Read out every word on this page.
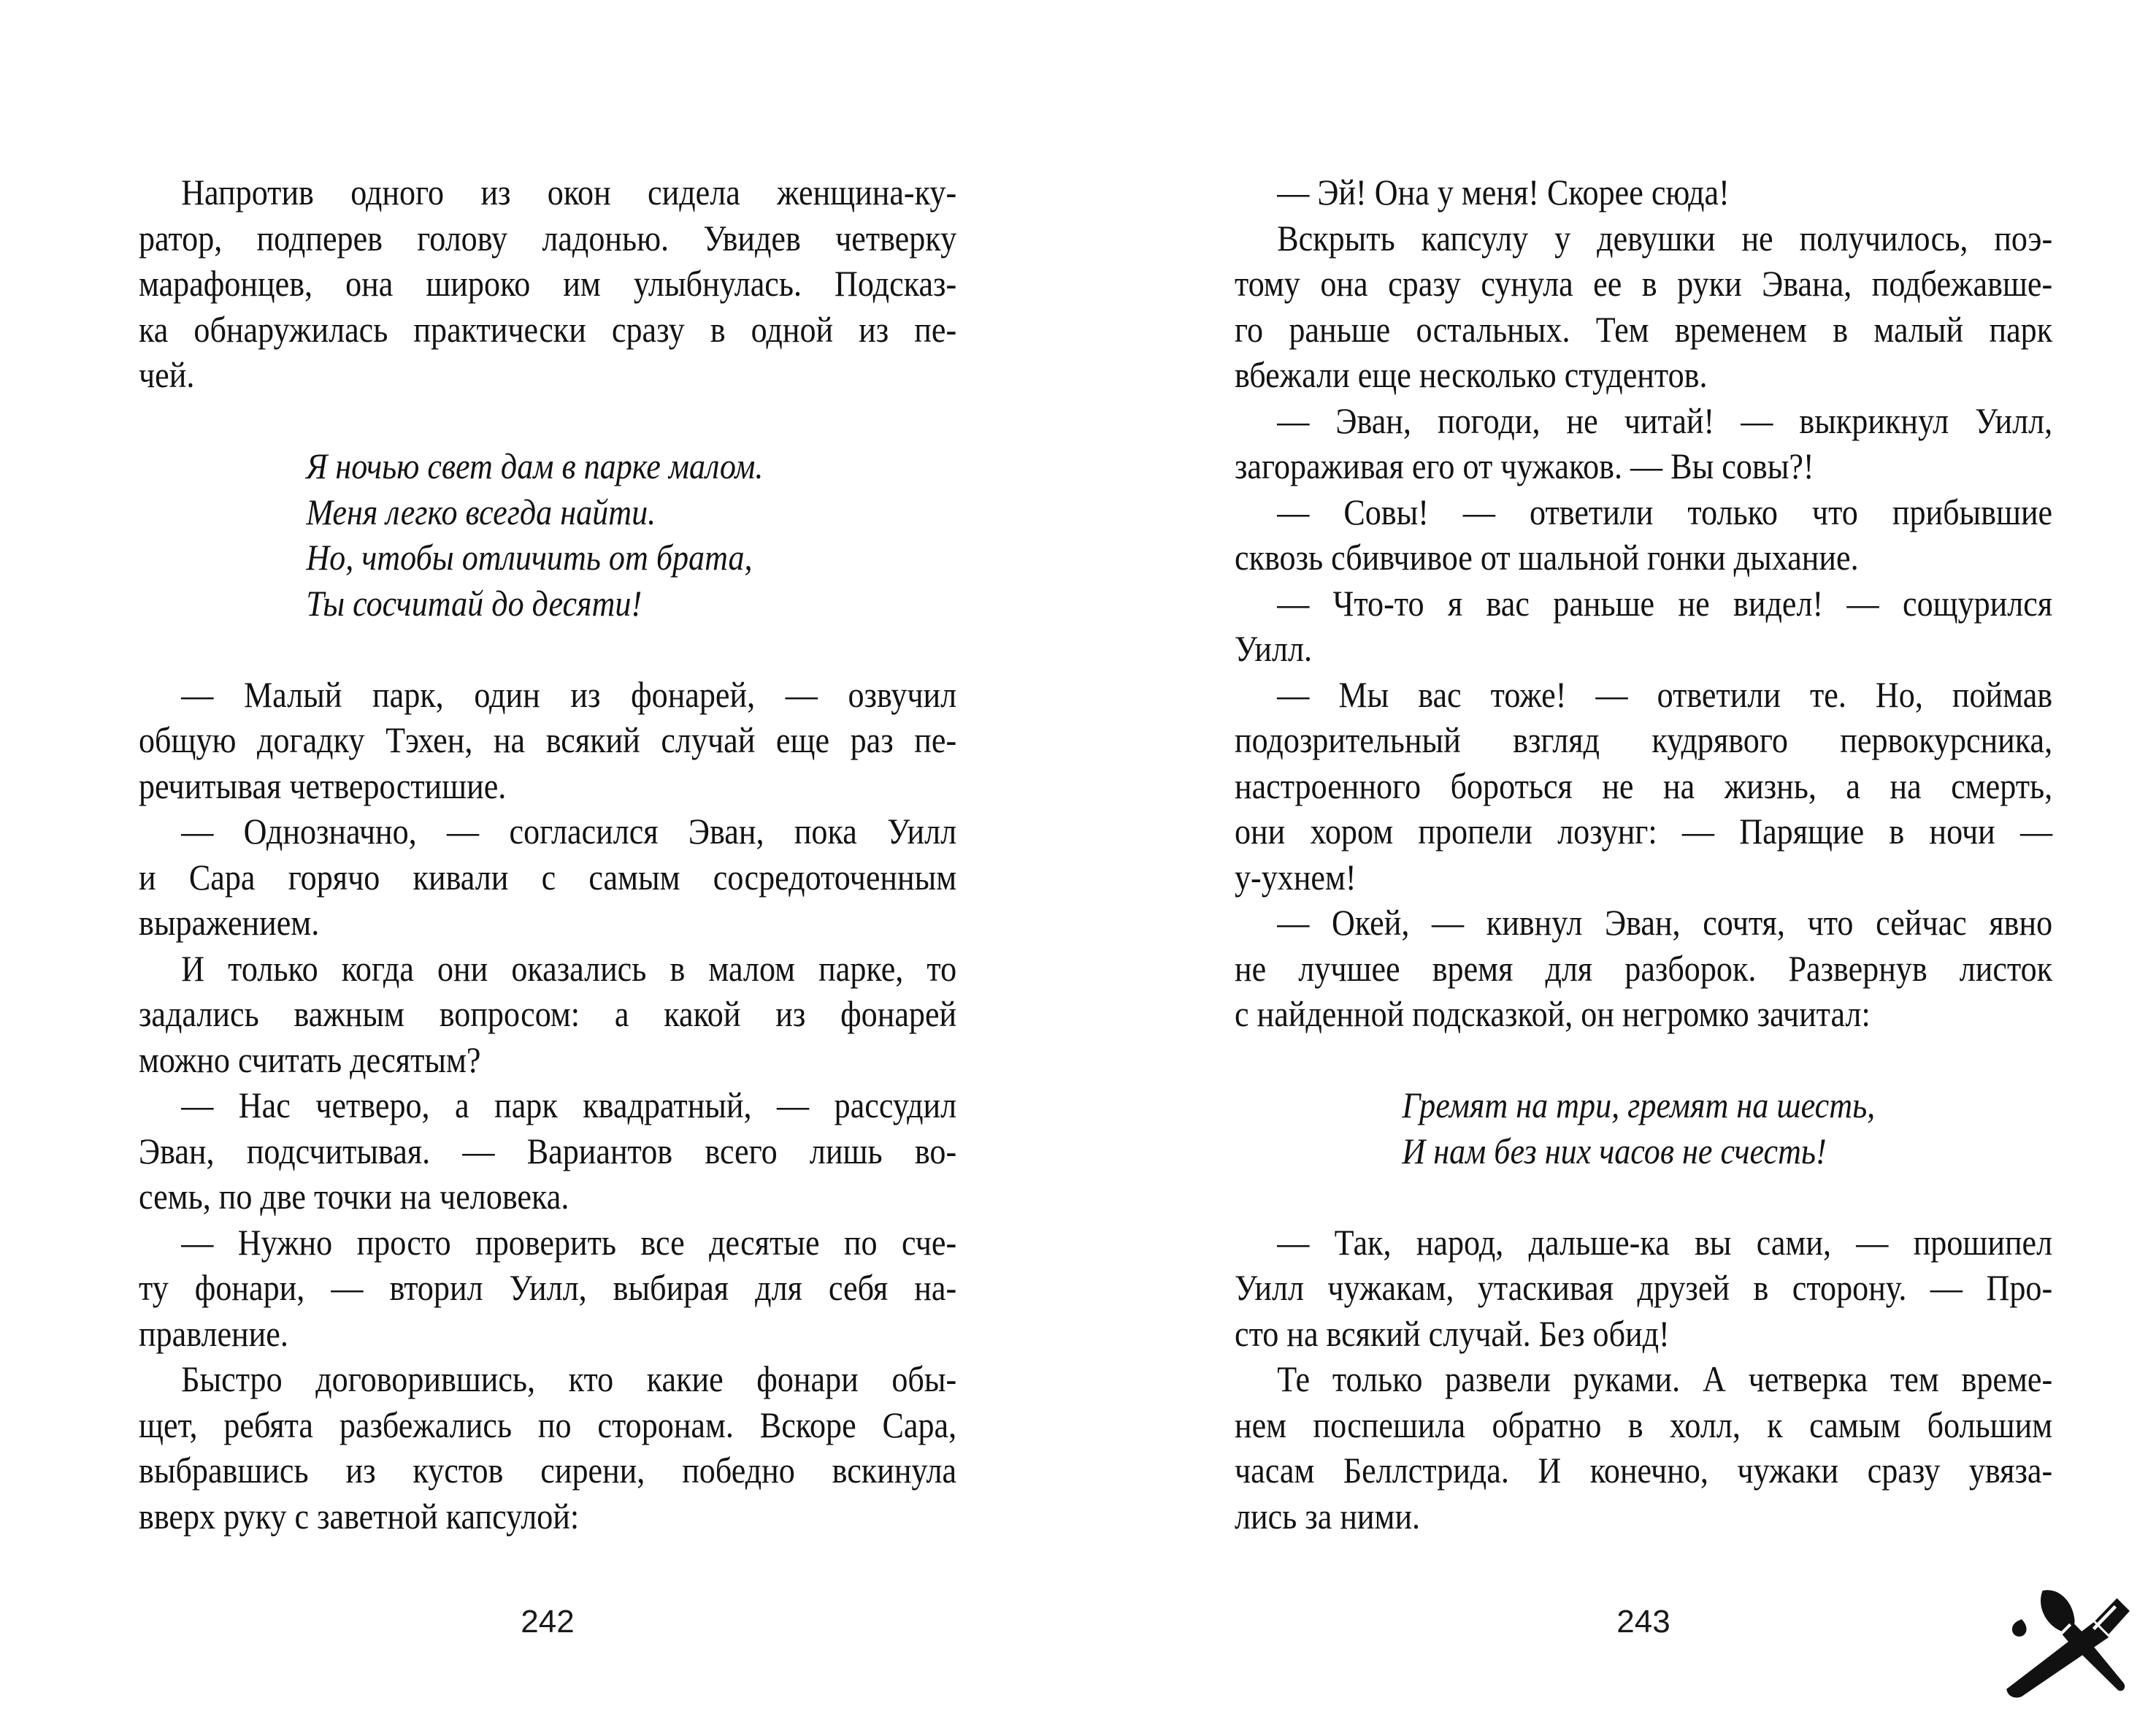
Напротив одного из окон сидела женщина-ку-
ратор, подперев голову ладонью. Увидев четверку
марафонцев, она широко им улыбнулась. Подсказ-
ка обнаружилась практически сразу в одной из пе-
чей.
Я ночью свет дам в парке малом.
Меня легко всегда найти.
Но, чтобы отличить от брата,
Ты сосчитай до десяти!
— Малый парк, один из фонарей, — озвучил
общую догадку Тэхен, на всякий случай еще раз пе-
речитывая четверостишие.
— Однозначно, — согласился Эван, пока Уилл
и Сара горячо кивали с самым сосредоточенным
выражением.
И только когда они оказались в малом парке, то
задались важным вопросом: а какой из фонарей
можно считать десятым?
— Нас четверо, а парк квадратный, — рассудил
Эван, подсчитывая. — Вариантов всего лишь во-
семь, по две точки на человека.
— Нужно просто проверить все десятые по сче-
ту фонари, — вторил Уилл, выбирая для себя на-
правление.
Быстро договорившись, кто какие фонари обы-
щет, ребята разбежались по сторонам. Вскоре Сара,
выбравшись из кустов сирени, победно вскинула
вверх руку с заветной капсулой:
242
— Эй! Она у меня! Скорее сюда!
Вскрыть капсулу у девушки не получилось, поэ-
тому она сразу сунула ее в руки Эвана, подбежавше-
го раньше остальных. Тем временем в малый парк
вбежали еще несколько студентов.
— Эван, погоди, не читай! — выкрикнул Уилл,
загораживая его от чужаков. — Вы совы?!
— Совы! — ответили только что прибывшие
сквозь сбивчивое от шальной гонки дыхание.
— Что-то я вас раньше не видел! — сощурился
Уилл.
— Мы вас тоже! — ответили те. Но, поймав
подозрительный взгляд кудрявого первокурсника,
настроенного бороться не на жизнь, а на смерть,
они хором пропели лозунг: — Парящие в ночи —
у-ухнем!
— Окей, — кивнул Эван, сочтя, что сейчас явно
не лучшее время для разборок. Развернув листок
с найденной подсказкой, он негромко зачитал:
Гремят на три, гремят на шесть,
И нам без них часов не счесть!
— Так, народ, дальше-ка вы сами, — прошипел
Уилл чужакам, утаскивая друзей в сторону. — Про-
сто на всякий случай. Без обид!
Те только развели руками. А четверка тем време-
нем поспешила обратно в холл, к самым большим
часам Беллстрида. И конечно, чужаки сразу увяза-
лись за ними.
243
